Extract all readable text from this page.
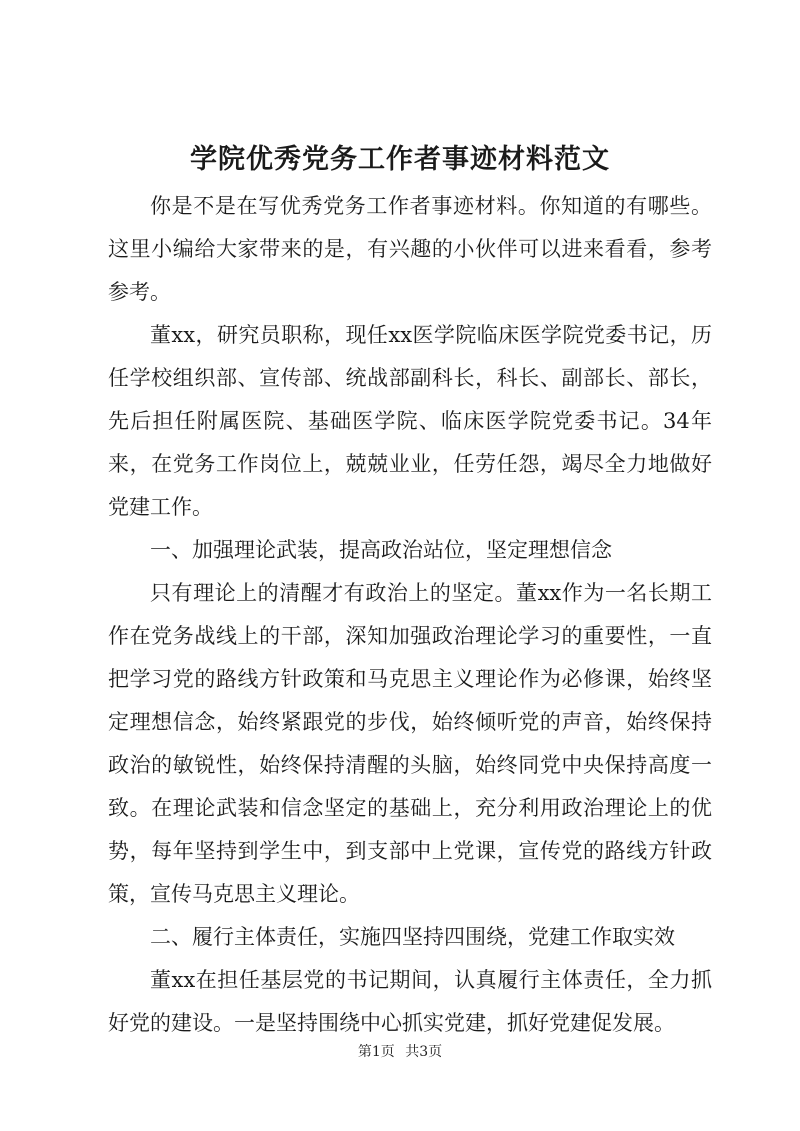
学院优秀党务工作者事迹材料范文

你是不是在写优秀党务工作者事迹材料。你知道的有哪些。这里小编给大家带来的是，有兴趣的小伙伴可以进来看看，参考参考。

董xx，研究员职称，现任xx医学院临床医学院党委书记，历任学校组织部、宣传部、统战部副科长，科长、副部长、部长，先后担任附属医院、基础医学院、临床医学院党委书记。34年来，在党务工作岗位上，兢兢业业，任劳任怨，竭尽全力地做好党建工作。

一、加强理论武装，提高政治站位，坚定理想信念

只有理论上的清醒才有政治上的坚定。董xx作为一名长期工作在党务战线上的干部，深知加强政治理论学习的重要性，一直把学习党的路线方针政策和马克思主义理论作为必修课，始终坚定理想信念，始终紧跟党的步伐，始终倾听党的声音，始终保持政治的敏锐性，始终保持清醒的头脑，始终同党中央保持高度一致。在理论武装和信念坚定的基础上，充分利用政治理论上的优势，每年坚持到学生中，到支部中上党课，宣传党的路线方针政策，宣传马克思主义理论。

二、履行主体责任，实施四坚持四围绕，党建工作取实效

董xx在担任基层党的书记期间，认真履行主体责任，全力抓好党的建设。一是坚持围绕中心抓实党建，抓好党建促发展。

第1页 共3页
